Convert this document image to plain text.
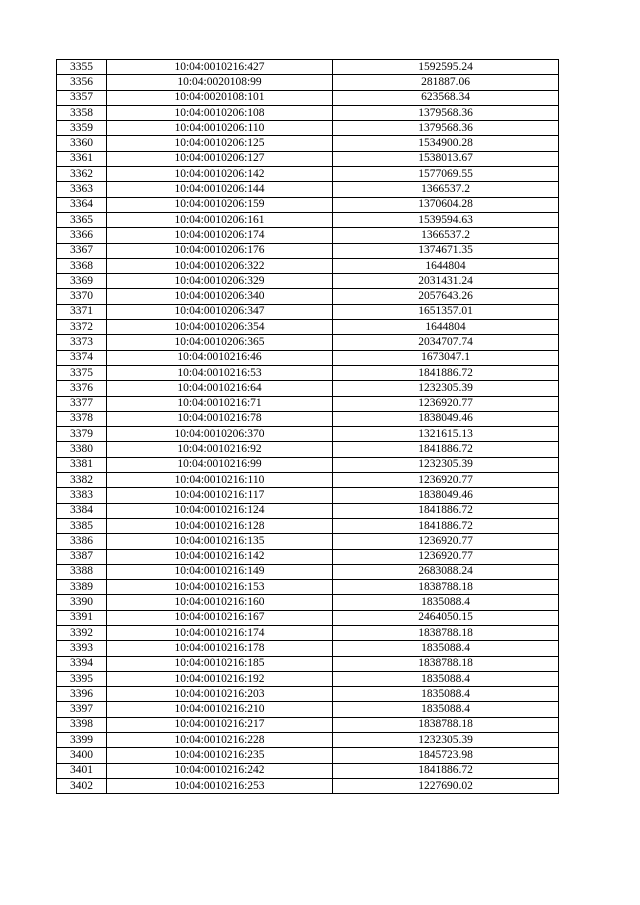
3355	10:04:0010216:427	1592595.24
3356	10:04:0020108:99	281887.06
3357	10:04:0020108:101	623568.34
3358	10:04:0010206:108	1379568.36
3359	10:04:0010206:110	1379568.36
3360	10:04:0010206:125	1534900.28
3361	10:04:0010206:127	1538013.67
3362	10:04:0010206:142	1577069.55
3363	10:04:0010206:144	1366537.2
3364	10:04:0010206:159	1370604.28
3365	10:04:0010206:161	1539594.63
3366	10:04:0010206:174	1366537.2
3367	10:04:0010206:176	1374671.35
3368	10:04:0010206:322	1644804
3369	10:04:0010206:329	2031431.24
3370	10:04:0010206:340	2057643.26
3371	10:04:0010206:347	1651357.01
3372	10:04:0010206:354	1644804
3373	10:04:0010206:365	2034707.74
3374	10:04:0010216:46	1673047.1
3375	10:04:0010216:53	1841886.72
3376	10:04:0010216:64	1232305.39
3377	10:04:0010216:71	1236920.77
3378	10:04:0010216:78	1838049.46
3379	10:04:0010206:370	1321615.13
3380	10:04:0010216:92	1841886.72
3381	10:04:0010216:99	1232305.39
3382	10:04:0010216:110	1236920.77
3383	10:04:0010216:117	1838049.46
3384	10:04:0010216:124	1841886.72
3385	10:04:0010216:128	1841886.72
3386	10:04:0010216:135	1236920.77
3387	10:04:0010216:142	1236920.77
3388	10:04:0010216:149	2683088.24
3389	10:04:0010216:153	1838788.18
3390	10:04:0010216:160	1835088.4
3391	10:04:0010216:167	2464050.15
3392	10:04:0010216:174	1838788.18
3393	10:04:0010216:178	1835088.4
3394	10:04:0010216:185	1838788.18
3395	10:04:0010216:192	1835088.4
3396	10:04:0010216:203	1835088.4
3397	10:04:0010216:210	1835088.4
3398	10:04:0010216:217	1838788.18
3399	10:04:0010216:228	1232305.39
3400	10:04:0010216:235	1845723.98
3401	10:04:0010216:242	1841886.72
3402	10:04:0010216:253	1227690.02
